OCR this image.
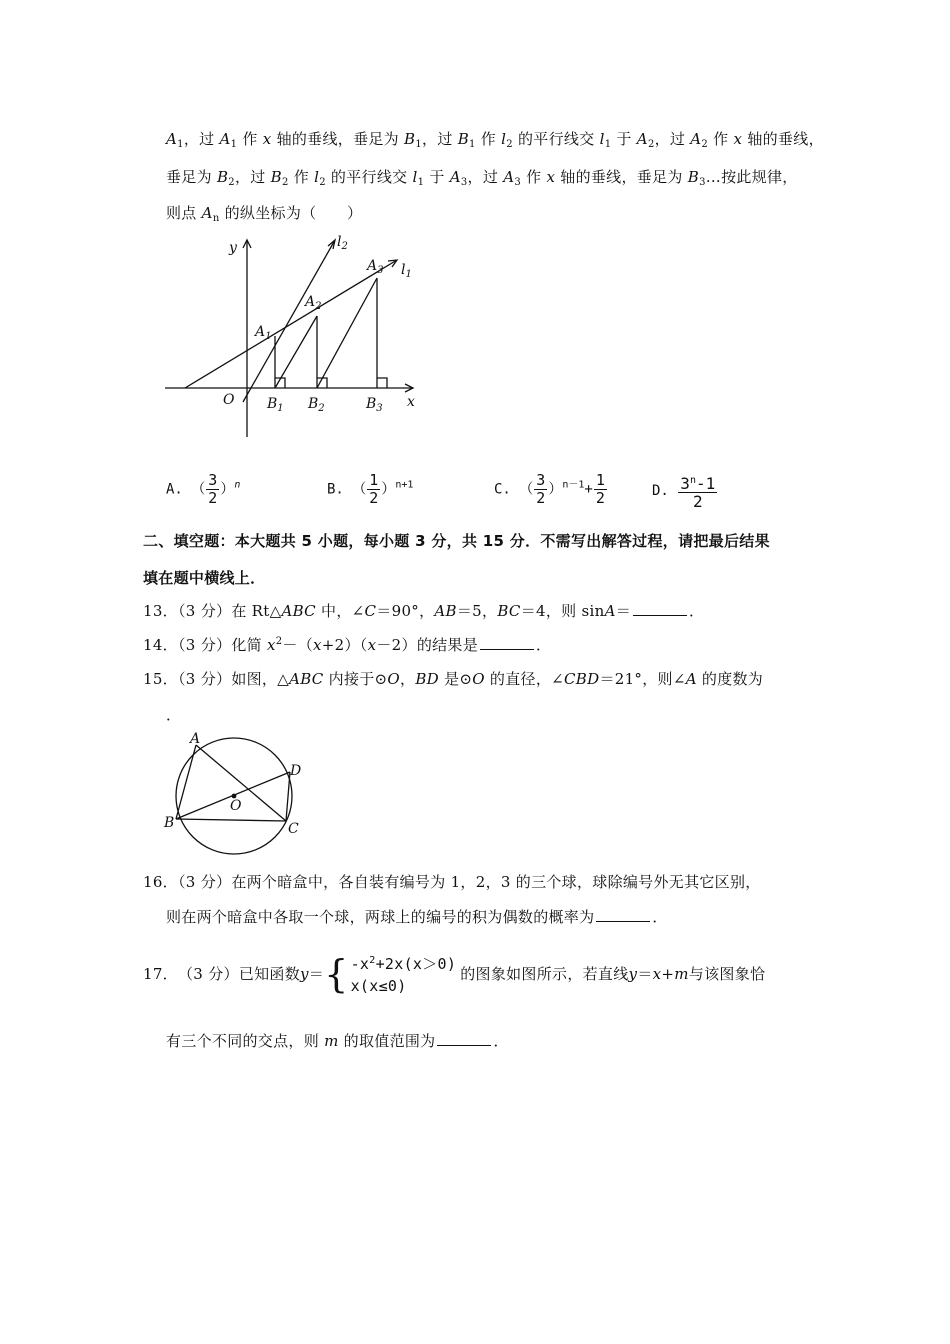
$A_1$，过 $A_1$ 作 x 轴的垂线，垂足为 $B_1$，过 $B_1$ 作 $l_2$ 的平行线交 $l_1$ 于 $A_2$，过 $A_2$ 作 x 轴的垂线，
垂足为 $B_2$，过 $B_2$ 作 $l_2$ 的平行线交 $l_1$ 于 $A_3$，过 $A_3$ 作 x 轴的垂线，垂足为 $B_3\dots$按此规律，
则点 $A_n$ 的纵坐标为（　　）
y
x
O
$l_2$
$l_1$
$A_1$
$A_2$
$A_3$
$B_1$ $B_2$	$B_3$
A. （ $\frac{3}{2} )^n$	B. （ $\frac{1}{2} )^{n+1}$	C. （ $\frac{3}{2} )^{n-1}+ \frac{1}{2}$	D. $\frac{3^n-1}{2}$
二、填空题：本大题共 5 小题，每小题 3 分，共 15 分．不需写出解答过程，请把最后结果
填在题中横线上．
13．（3 分）在 Rt△ABC 中，∠C＝90°，AB＝5，BC＝4，则 sinA＝	．
14．（3 分）化简 $x^2-(x+2)(x-2)$的结果是	．
15．（3 分）如图，△ABC 内接于⊙O，BD 是⊙O 的直径，∠CBD＝21°，则∠A 的度数为
．
A
B	C
D
O
16．（3 分）在两个暗盒中，各自装有编号为 1，2，3 的三个球，球除编号外无其它区别，
则在两个暗盒中各取一个球，两球上的编号的积为偶数的概率为	．
17． （3 分） 已知函数 y ＝ { $-x^2+2x(x>0)$
x(x≤0)
的图象如图所示，若直线 y ＝ x + m 与该图象恰
有三个不同的交点，则 m 的取值范围为	．
